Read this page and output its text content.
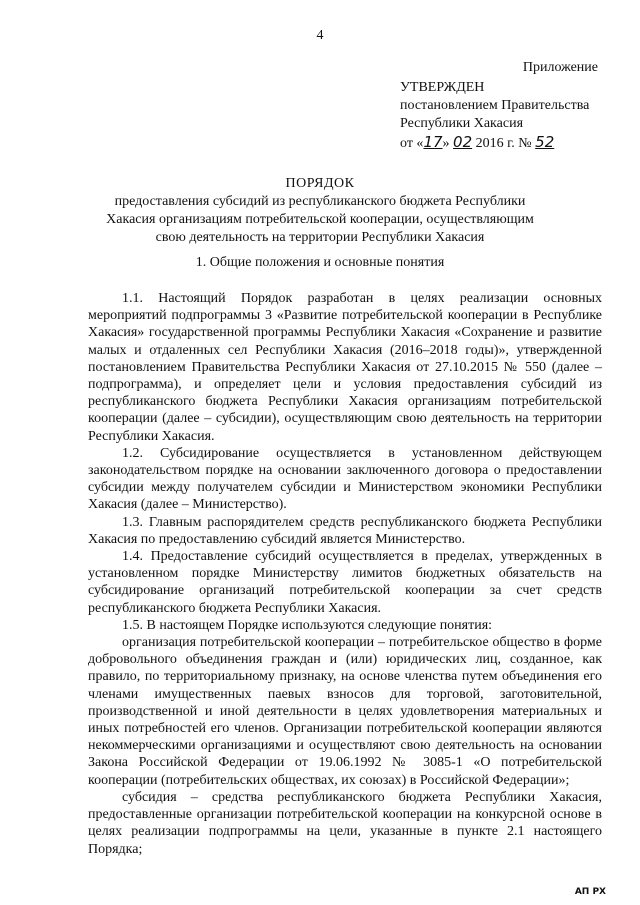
4
Приложение
УТВЕРЖДЕН
постановлением Правительства
Республики Хакасия
от «17» 02 2016 г. № 52
ПОРЯДОК
предоставления субсидий из республиканского бюджета Республики Хакасия организациям потребительской кооперации, осуществляющим свою деятельность на территории Республики Хакасия
1. Общие положения и основные понятия

1.1. Настоящий Порядок разработан в целях реализации основных мероприятий подпрограммы 3 «Развитие потребительской кооперации в Республике Хакасия» государственной программы Республики Хакасия «Сохранение и развитие малых и отдаленных сел Республики Хакасия (2016–2018 годы)», утвержденной постановлением Правительства Республики Хакасия от 27.10.2015 № 550 (далее – подпрограмма), и определяет цели и условия предоставления субсидий из республиканского бюджета Республики Хакасия организациям потребительской кооперации (далее – субсидии), осуществляющим свою деятельность на территории Республики Хакасия.

1.2. Субсидирование осуществляется в установленном действующем законодательством порядке на основании заключенного договора о предоставлении субсидии между получателем субсидии и Министерством экономики Республики Хакасия (далее – Министерство).

1.3. Главным распорядителем средств республиканского бюджета Республики Хакасия по предоставлению субсидий является Министерство.

1.4. Предоставление субсидий осуществляется в пределах, утвержденных в установленном порядке Министерству лимитов бюджетных обязательств на субсидирование организаций потребительской кооперации за счет средств республиканского бюджета Республики Хакасия.

1.5. В настоящем Порядке используются следующие понятия:

организация потребительской кооперации – потребительское общество в форме добровольного объединения граждан и (или) юридических лиц, созданное, как правило, по территориальному признаку, на основе членства путем объединения его членами имущественных паевых взносов для торговой, заготовительной, производственной и иной деятельности в целях удовлетворения материальных и иных потребностей его членов. Организации потребительской кооперации являются некоммерческими организациями и осуществляют свою деятельность на основании Закона Российской Федерации от 19.06.1992 № 3085-1 «О потребительской кооперации (потребительских обществах, их союзах) в Российской Федерации»;

субсидия – средства республиканского бюджета Республики Хакасия, предоставленные организации потребительской кооперации на конкурсной основе в целях реализации подпрограммы на цели, указанные в пункте 2.1 настоящего Порядка;

АП РХ
